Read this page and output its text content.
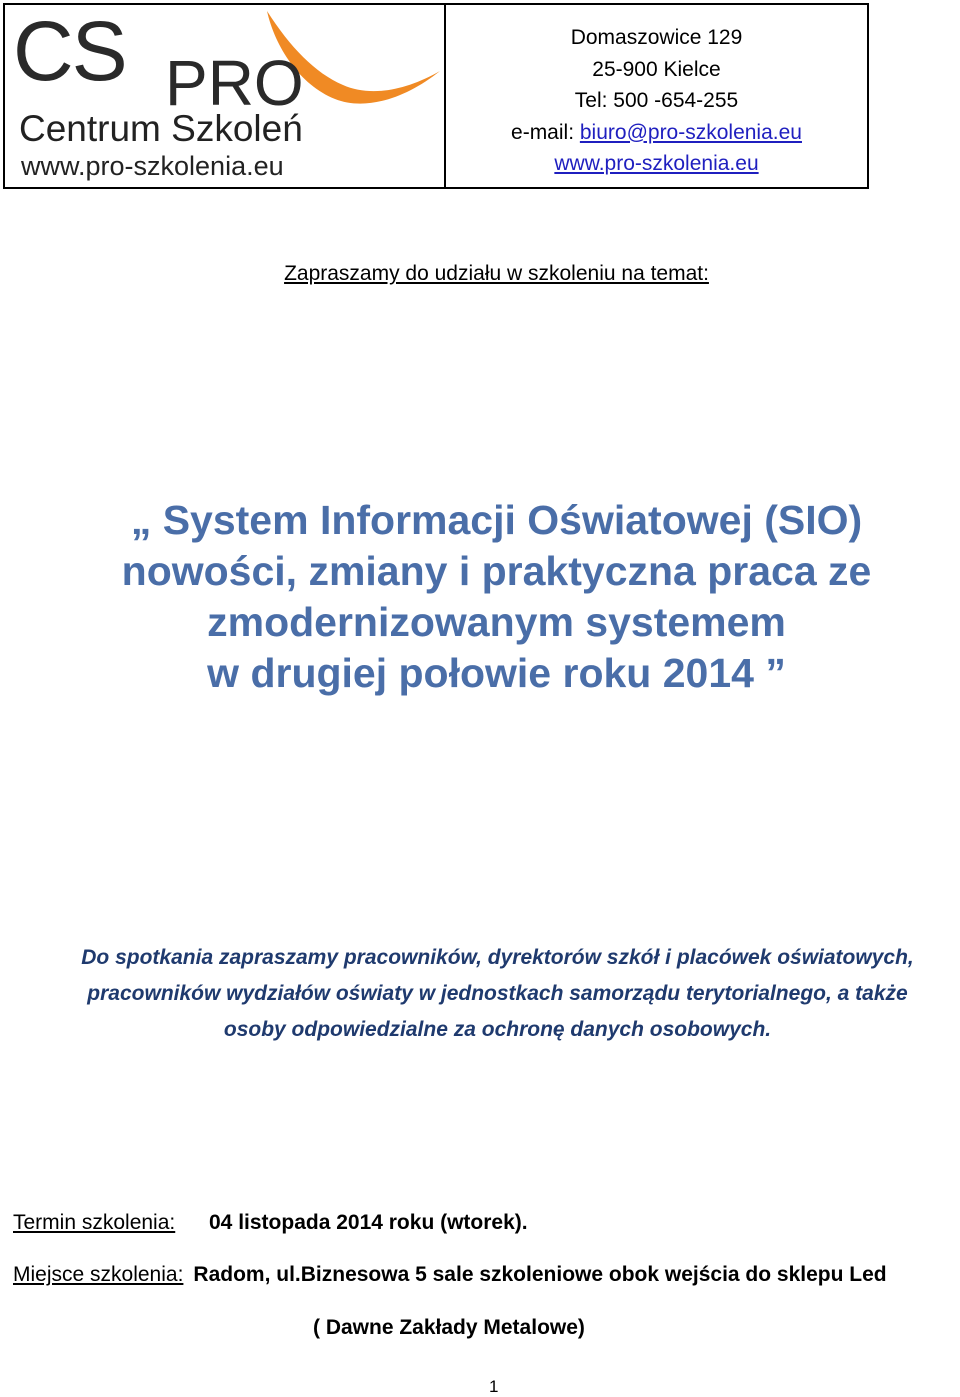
CS PRO
Centrum Szkoleń
www.pro-szkolenia.eu
Domaszowice 129
25-900 Kielce
Tel: 500 -654-255
e-mail: biuro@pro-szkolenia.eu
www.pro-szkolenia.eu
Zapraszamy do udziału w szkoleniu na temat:
„ System Informacji Oświatowej (SIO)
nowości, zmiany i praktyczna praca ze
zmodernizowanym systemem
w drugiej połowie roku 2014 ”
Do spotkania zapraszamy pracowników, dyrektorów szkół i placówek oświatowych,
pracowników wydziałów oświaty w jednostkach samorządu terytorialnego, a także
osoby odpowiedzialne za ochronę danych osobowych.
Termin szkolenia: 04 listopada 2014 roku (wtorek).
Miejsce szkolenia: Radom, ul.Biznesowa 5 sale szkoleniowe obok wejścia do sklepu Led
( Dawne Zakłady Metalowe)
1
